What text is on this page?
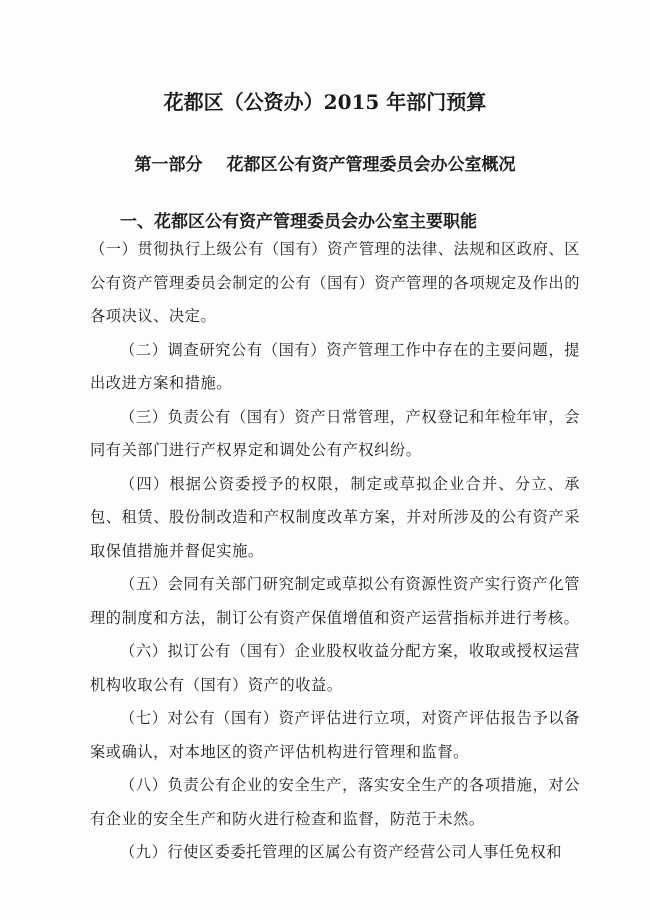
花都区（公资办）2015 年部门预算
第一部分 花都区公有资产管理委员会办公室概况
一、花都区公有资产管理委员会办公室主要职能

（一）贯彻执行上级公有（国有）资产管理的法律、法规和区政府、区公有资产管理委员会制定的公有（国有）资产管理的各项规定及作出的各项决议、决定。

（二）调查研究公有（国有）资产管理工作中存在的主要问题，提出改进方案和措施。

（三）负责公有（国有）资产日常管理，产权登记和年检年审，会同有关部门进行产权界定和调处公有产权纠纷。

（四）根据公资委授予的权限，制定或草拟企业合并、分立、承包、租赁、股份制改造和产权制度改革方案，并对所涉及的公有资产采取保值措施并督促实施。

（五）会同有关部门研究制定或草拟公有资源性资产实行资产化管理的制度和方法，制订公有资产保值增值和资产运营指标并进行考核。

（六）拟订公有（国有）企业股权收益分配方案，收取或授权运营机构收取公有（国有）资产的收益。

（七）对公有（国有）资产评估进行立项，对资产评估报告予以备案或确认，对本地区的资产评估机构进行管理和监督。

（八）负责公有企业的安全生产，落实安全生产的各项措施，对公有企业的安全生产和防火进行检查和监督，防范于未然。

（九）行使区委委托管理的区属公有资产经营公司人事任免权和
